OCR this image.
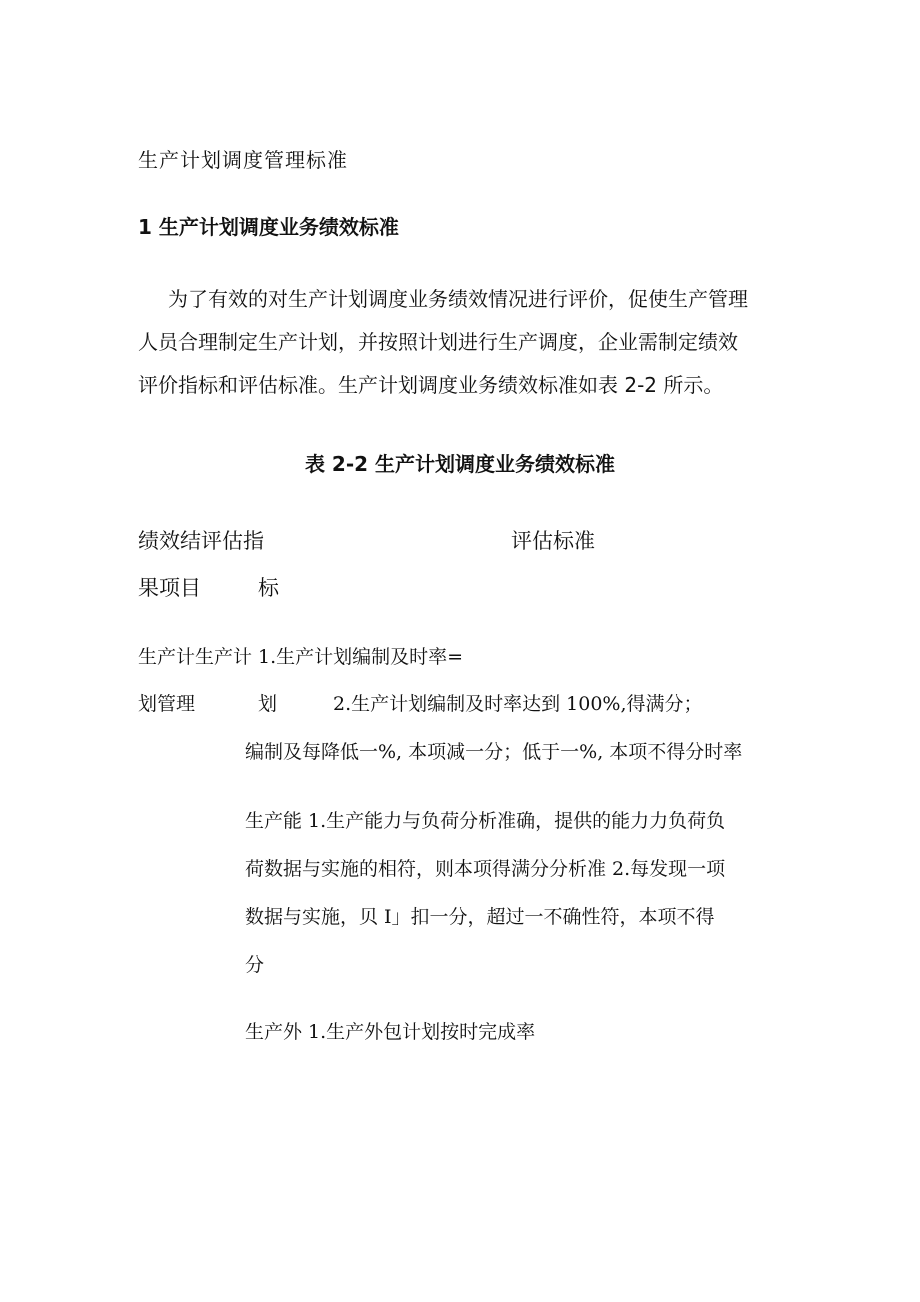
生产计划调度管理标准
1 生产计划调度业务绩效标准

为了有效的对生产计划调度业务绩效情况进行评价，促使生产管理

人员合理制定生产计划，并按照计划进行生产调度，企业需制定绩效

评价指标和评估标准。生产计划调度业务绩效标准如表 2-2 所示。

表 2-2 生产计划调度业务绩效标准
绩效结评估指	评估标准
果项目	标
生产计生产计 1.生产计划编制及时率=
划管理	划	2.生产计划编制及时率达到 100%,得满分；
编制及每降低一%, 本项减一分；低于一%, 本项不得分时率
生产能 1.生产能力与负荷分析准确，提供的能力力负荷负
荷数据与实施的相符，则本项得满分分析准 2.每发现一项
数据与实施，贝 I」扣一分，超过一不确性符，本项不得
分
生产外 1.生产外包计划按时完成率
